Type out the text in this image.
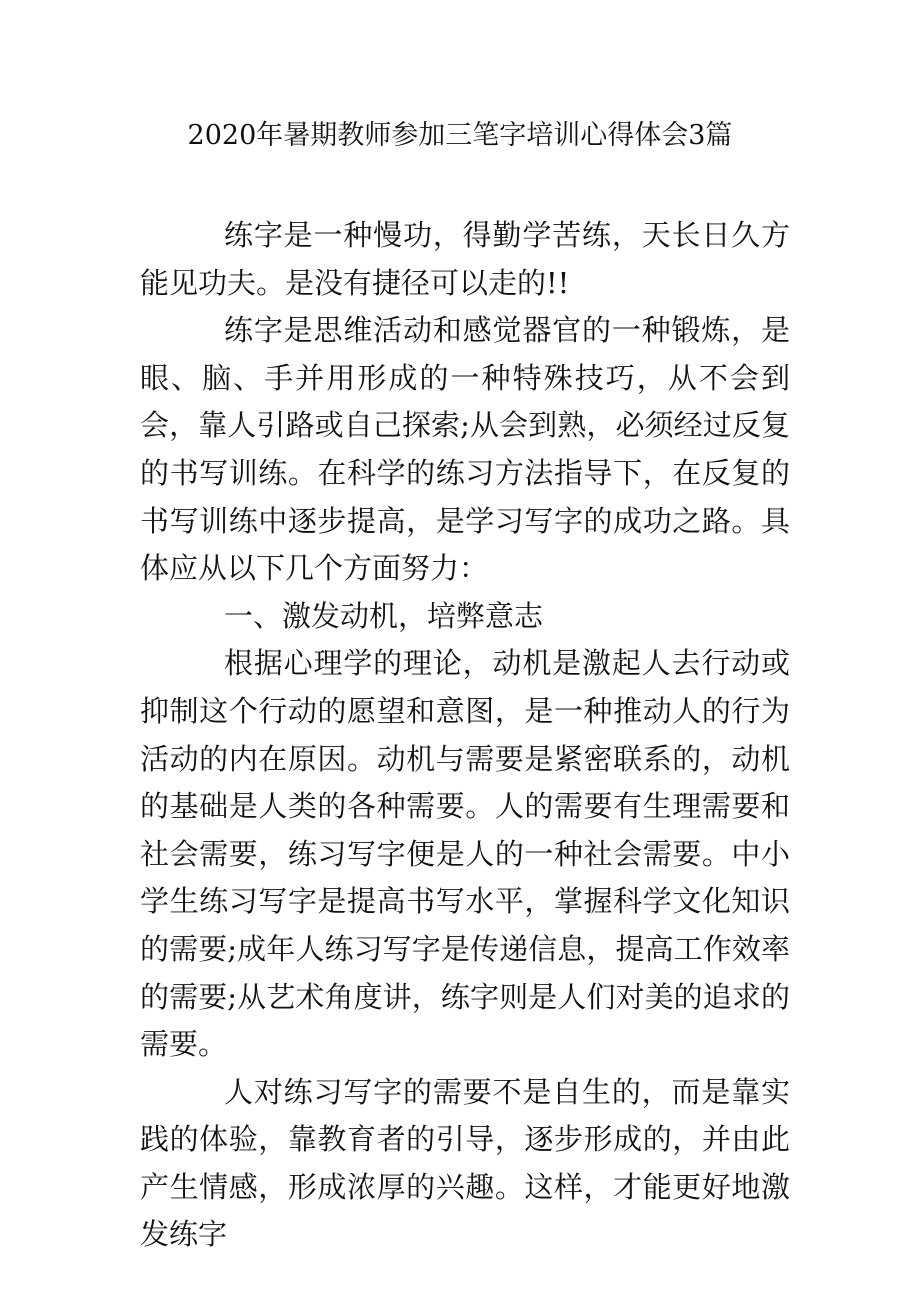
2020年暑期教师参加三笔字培训心得体会3篇

练字是一种慢功，得勤学苦练，天长日久方能见功夫。是没有捷径可以走的!!

练字是思维活动和感觉器官的一种锻炼，是眼、脑、手并用形成的一种特殊技巧，从不会到会，靠人引路或自己探索;从会到熟，必须经过反复的书写训练。在科学的练习方法指导下，在反复的书写训练中逐步提高，是学习写字的成功之路。具体应从以下几个方面努力：

一、激发动机，培弊意志

根据心理学的理论，动机是激起人去行动或抑制这个行动的愿望和意图，是一种推动人的行为活动的内在原因。动机与需要是紧密联系的，动机的基础是人类的各种需要。人的需要有生理需要和社会需要，练习写字便是人的一种社会需要。中小学生练习写字是提高书写水平，掌握科学文化知识的需要;成年人练习写字是传递信息，提高工作效率的需要;从艺术角度讲，练字则是人们对美的追求的需要。

人对练习写字的需要不是自生的，而是靠实践的体验，靠教育者的引导，逐步形成的，并由此产生情感，形成浓厚的兴趣。这样，才能更好地激发练字
